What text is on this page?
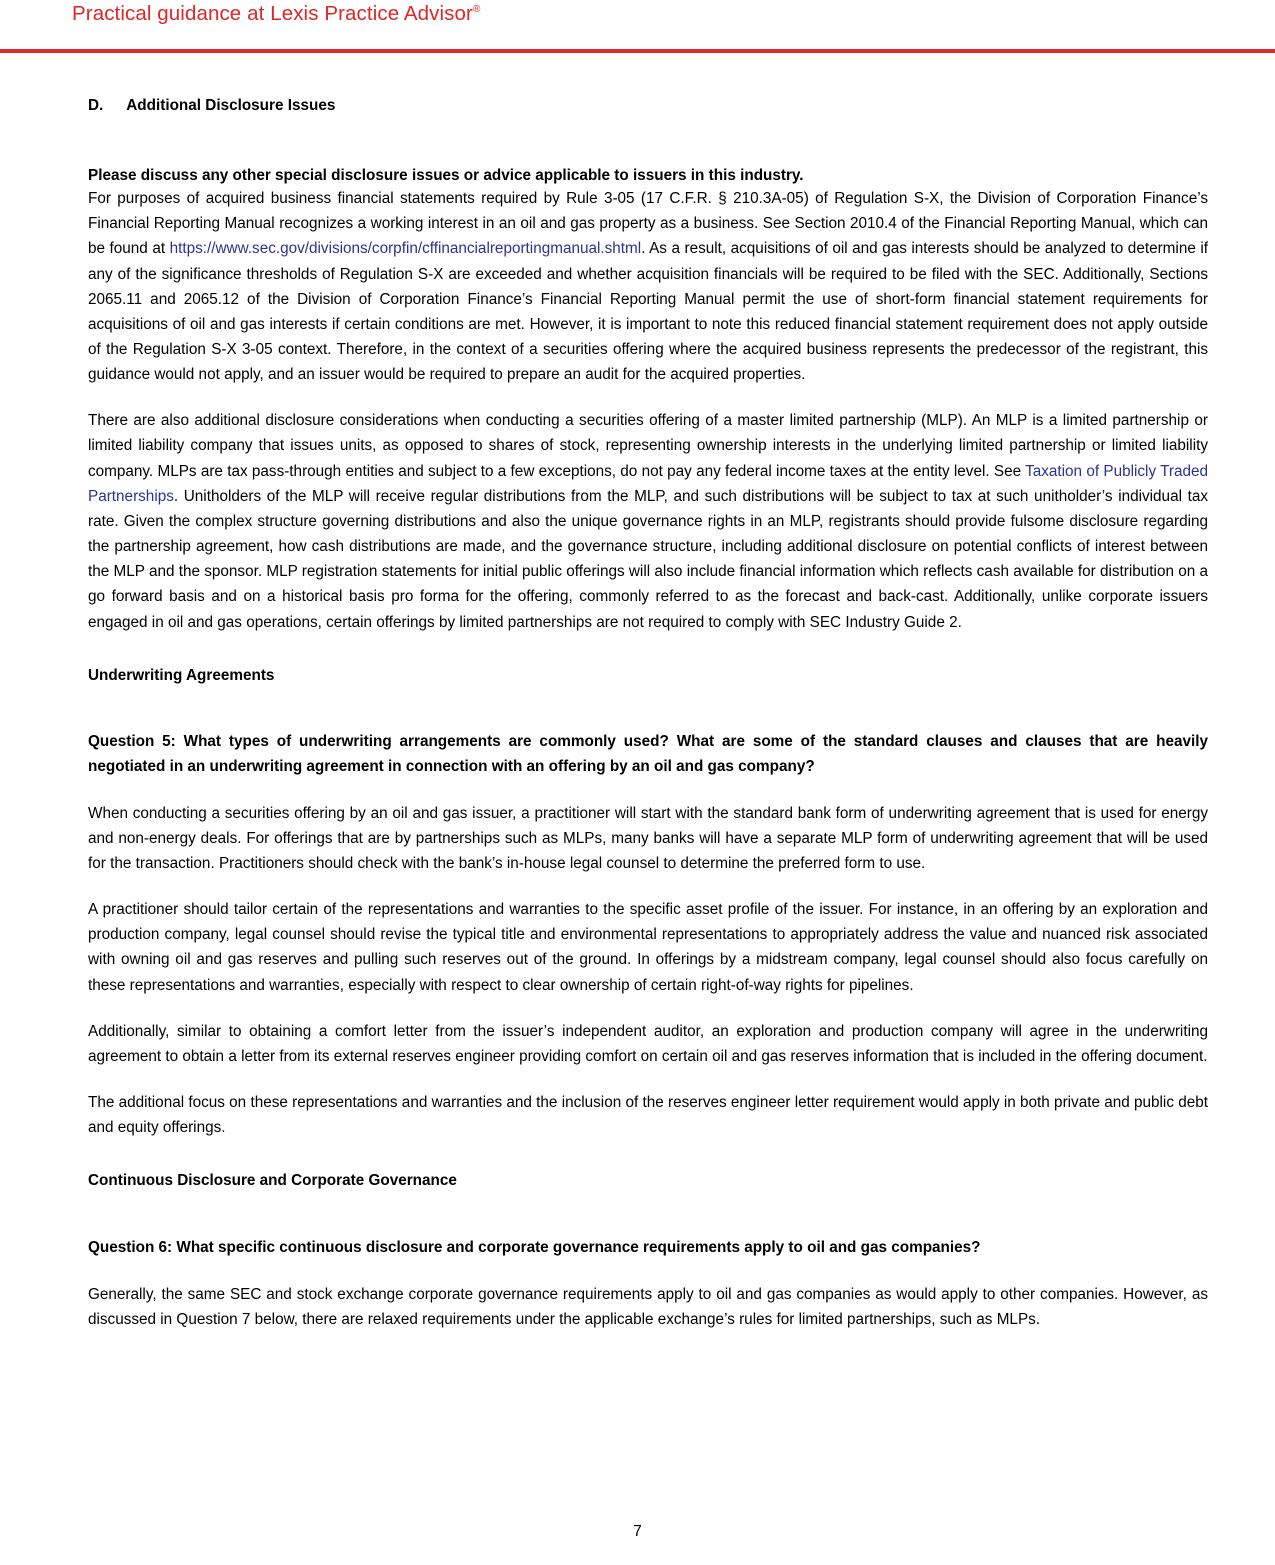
Practical guidance at Lexis Practice Advisor®
D.  Additional Disclosure Issues
Please discuss any other special disclosure issues or advice applicable to issuers in this industry.

For purposes of acquired business financial statements required by Rule 3-05 (17 C.F.R. § 210.3A-05) of Regulation S-X, the Division of Corporation Finance’s Financial Reporting Manual recognizes a working interest in an oil and gas property as a business. See Section 2010.4 of the Financial Reporting Manual, which can be found at https://www.sec.gov/divisions/corpfin/cffinancialreportingmanual.shtml. As a result, acquisitions of oil and gas interests should be analyzed to determine if any of the significance thresholds of Regulation S-X are exceeded and whether acquisition financials will be required to be filed with the SEC. Additionally, Sections 2065.11 and 2065.12 of the Division of Corporation Finance’s Financial Reporting Manual permit the use of short-form financial statement requirements for acquisitions of oil and gas interests if certain conditions are met. However, it is important to note this reduced financial statement requirement does not apply outside of the Regulation S-X 3-05 context. Therefore, in the context of a securities offering where the acquired business represents the predecessor of the registrant, this guidance would not apply, and an issuer would be required to prepare an audit for the acquired properties.

There are also additional disclosure considerations when conducting a securities offering of a master limited partnership (MLP). An MLP is a limited partnership or limited liability company that issues units, as opposed to shares of stock, representing ownership interests in the underlying limited partnership or limited liability company. MLPs are tax pass-through entities and subject to a few exceptions, do not pay any federal income taxes at the entity level. See Taxation of Publicly Traded Partnerships. Unitholders of the MLP will receive regular distributions from the MLP, and such distributions will be subject to tax at such unitholder’s individual tax rate. Given the complex structure governing distributions and also the unique governance rights in an MLP, registrants should provide fulsome disclosure regarding the partnership agreement, how cash distributions are made, and the governance structure, including additional disclosure on potential conflicts of interest between the MLP and the sponsor. MLP registration statements for initial public offerings will also include financial information which reflects cash available for distribution on a go forward basis and on a historical basis pro forma for the offering, commonly referred to as the forecast and back-cast. Additionally, unlike corporate issuers engaged in oil and gas operations, certain offerings by limited partnerships are not required to comply with SEC Industry Guide 2.

Underwriting Agreements
Question 5: What types of underwriting arrangements are commonly used? What are some of the standard clauses and clauses that are heavily negotiated in an underwriting agreement in connection with an offering by an oil and gas company?

When conducting a securities offering by an oil and gas issuer, a practitioner will start with the standard bank form of underwriting agreement that is used for energy and non-energy deals. For offerings that are by partnerships such as MLPs, many banks will have a separate MLP form of underwriting agreement that will be used for the transaction. Practitioners should check with the bank’s in-house legal counsel to determine the preferred form to use.

A practitioner should tailor certain of the representations and warranties to the specific asset profile of the issuer. For instance, in an offering by an exploration and production company, legal counsel should revise the typical title and environmental representations to appropriately address the value and nuanced risk associated with owning oil and gas reserves and pulling such reserves out of the ground. In offerings by a midstream company, legal counsel should also focus carefully on these representations and warranties, especially with respect to clear ownership of certain right-of-way rights for pipelines.

Additionally, similar to obtaining a comfort letter from the issuer’s independent auditor, an exploration and production company will agree in the underwriting agreement to obtain a letter from its external reserves engineer providing comfort on certain oil and gas reserves information that is included in the offering document.

The additional focus on these representations and warranties and the inclusion of the reserves engineer letter requirement would apply in both private and public debt and equity offerings.

Continuous Disclosure and Corporate Governance
Question 6: What specific continuous disclosure and corporate governance requirements apply to oil and gas companies?

Generally, the same SEC and stock exchange corporate governance requirements apply to oil and gas companies as would apply to other companies. However, as discussed in Question 7 below, there are relaxed requirements under the applicable exchange’s rules for limited partnerships, such as MLPs.

7
